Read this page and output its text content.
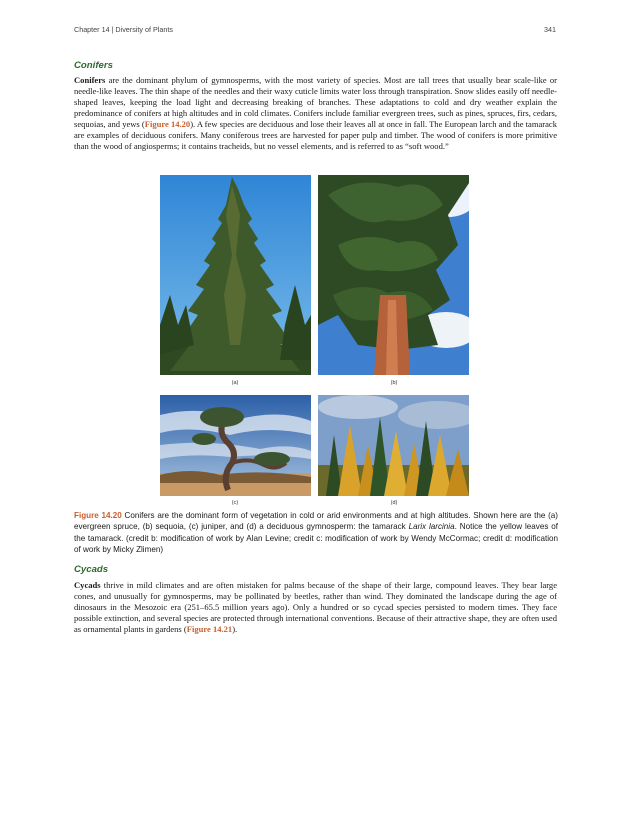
Chapter 14 | Diversity of Plants	341
Conifers

Conifers are the dominant phylum of gymnosperms, with the most variety of species. Most are tall trees that usually bear scale-like or needle-like leaves. The thin shape of the needles and their waxy cuticle limits water loss through transpiration. Snow slides easily off needle-shaped leaves, keeping the load light and decreasing breaking of branches. These adaptations to cold and dry weather explain the predominance of conifers at high altitudes and in cold climates. Conifers include familiar evergreen trees, such as pines, spruces, firs, cedars, sequoias, and yews (Figure 14.20). A few species are deciduous and lose their leaves all at once in fall. The European larch and the tamarack are examples of deciduous conifers. Many coniferous trees are harvested for paper pulp and timber. The wood of conifers is more primitive than the wood of angiosperms; it contains tracheids, but no vessel elements, and is referred to as “soft wood.”

(a)	(b)
(c)	(d)

Figure 14.20 Conifers are the dominant form of vegetation in cold or arid environments and at high altitudes. Shown here are the (a) evergreen spruce, (b) sequoia, (c) juniper, and (d) a deciduous gymnosperm: the tamarack Larix larcinia. Notice the yellow leaves of the tamarack. (credit b: modification of work by Alan Levine; credit c: modification of work by Wendy McCormac; credit d: modification of work by Micky Zlimen)

Cycads

Cycads thrive in mild climates and are often mistaken for palms because of the shape of their large, compound leaves. They bear large cones, and unusually for gymnosperms, may be pollinated by beetles, rather than wind. They dominated the landscape during the age of dinosaurs in the Mesozoic era (251–65.5 million years ago). Only a hundred or so cycad species persisted to modern times. They face possible extinction, and several species are protected through international conventions. Because of their attractive shape, they are often used as ornamental plants in gardens (Figure 14.21).
